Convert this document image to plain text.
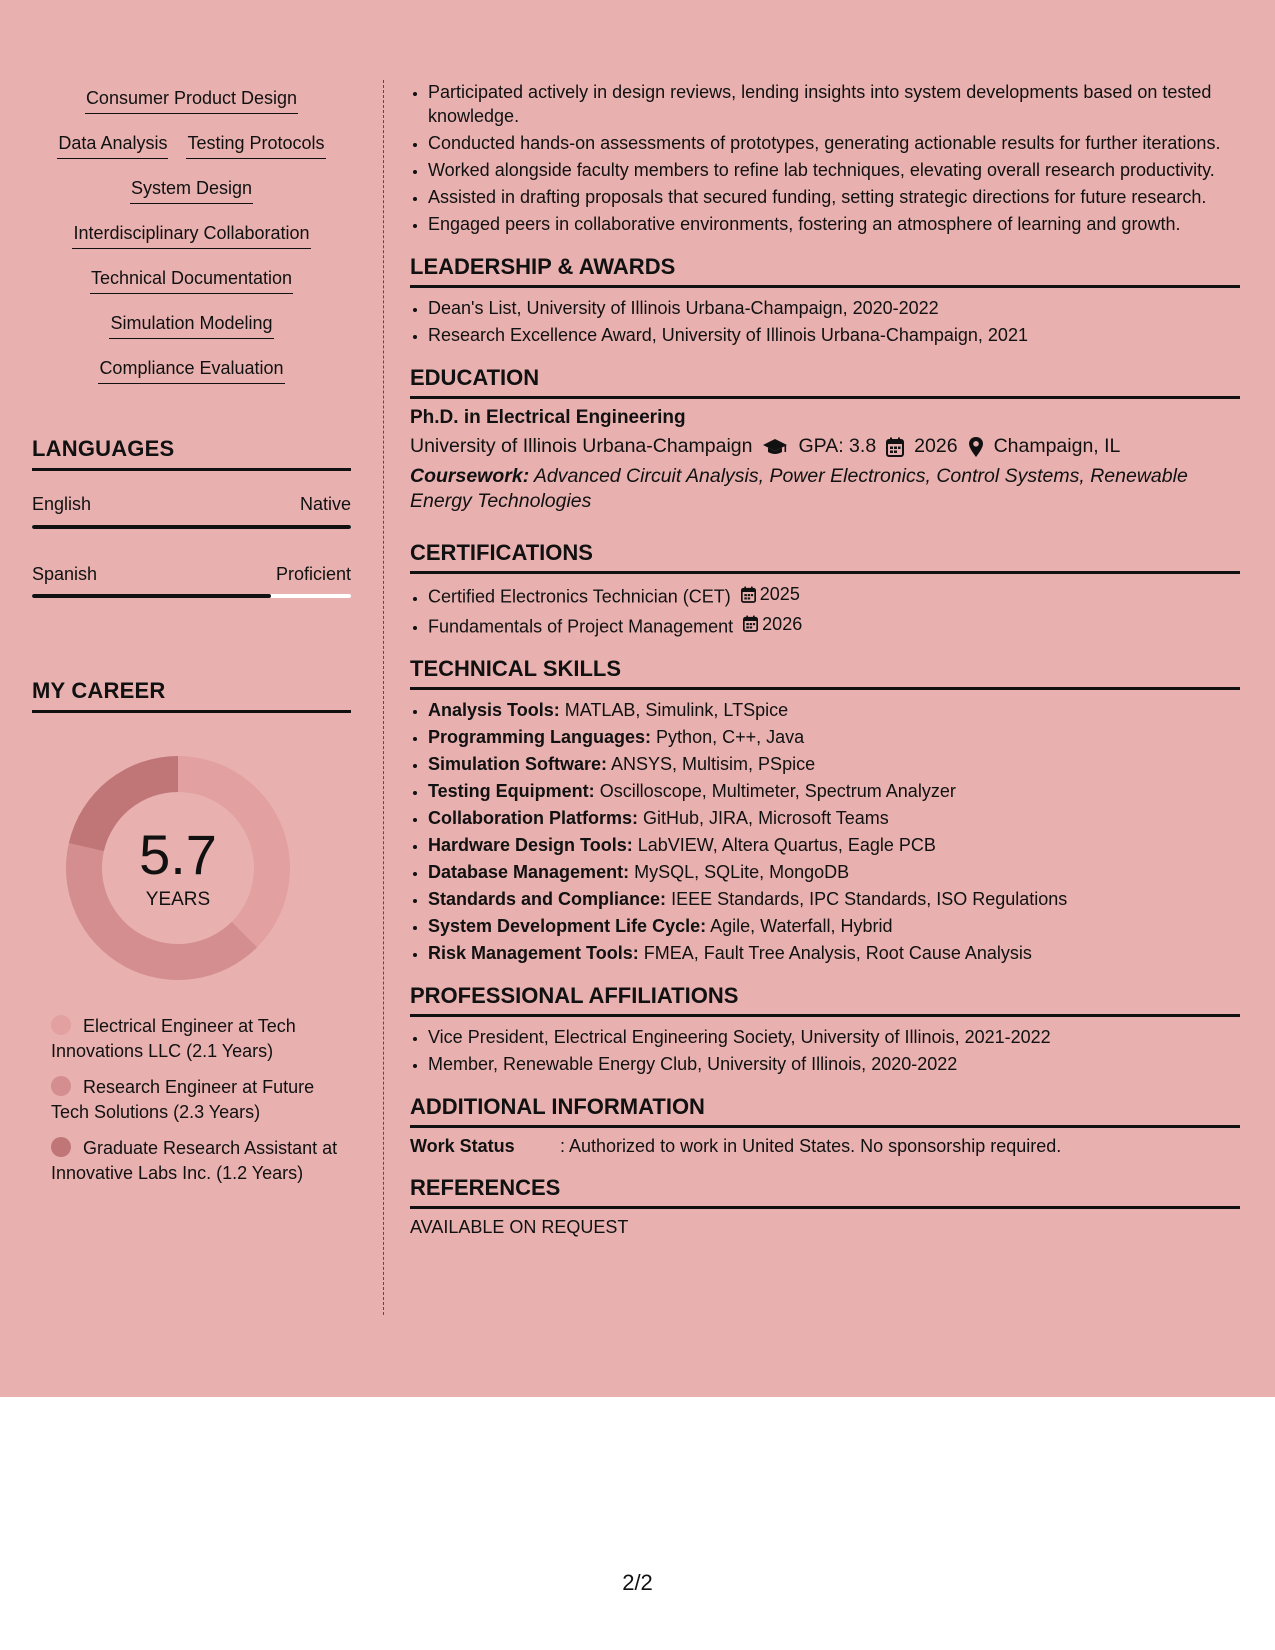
Consumer Product Design
Data Analysis Testing Protocols
System Design
Interdisciplinary Collaboration
Technical Documentation
Simulation Modeling
Compliance Evaluation
LANGUAGES
English	Native
Spanish	Proficient
MY CAREER
5.7
YEARS
Electrical Engineer at Tech Innovations LLC (2.1 Years)
Research Engineer at Future Tech Solutions (2.3 Years)
Graduate Research Assistant at Innovative Labs Inc. (1.2 Years)
• Participated actively in design reviews, lending insights into system developments based on tested knowledge.
• Conducted hands-on assessments of prototypes, generating actionable results for further iterations.
• Worked alongside faculty members to refine lab techniques, elevating overall research productivity.
• Assisted in drafting proposals that secured funding, setting strategic directions for future research.
• Engaged peers in collaborative environments, fostering an atmosphere of learning and growth.
LEADERSHIP & AWARDS
• Dean's List, University of Illinois Urbana-Champaign, 2020-2022
• Research Excellence Award, University of Illinois Urbana-Champaign, 2021
EDUCATION
Ph.D. in Electrical Engineering
University of Illinois Urbana-Champaign GPA: 3.8 2026 Champaign, IL
Coursework: Advanced Circuit Analysis, Power Electronics, Control Systems, Renewable Energy Technologies
CERTIFICATIONS
• Certified Electronics Technician (CET) 2025
• Fundamentals of Project Management 2026
TECHNICAL SKILLS
• Analysis Tools: MATLAB, Simulink, LTSpice
• Programming Languages: Python, C++, Java
• Simulation Software: ANSYS, Multisim, PSpice
• Testing Equipment: Oscilloscope, Multimeter, Spectrum Analyzer
• Collaboration Platforms: GitHub, JIRA, Microsoft Teams
• Hardware Design Tools: LabVIEW, Altera Quartus, Eagle PCB
• Database Management: MySQL, SQLite, MongoDB
• Standards and Compliance: IEEE Standards, IPC Standards, ISO Regulations
• System Development Life Cycle: Agile, Waterfall, Hybrid
• Risk Management Tools: FMEA, Fault Tree Analysis, Root Cause Analysis
PROFESSIONAL AFFILIATIONS
• Vice President, Electrical Engineering Society, University of Illinois, 2021-2022
• Member, Renewable Energy Club, University of Illinois, 2020-2022
ADDITIONAL INFORMATION
Work Status	: Authorized to work in United States. No sponsorship required.
REFERENCES
AVAILABLE ON REQUEST
2/2
